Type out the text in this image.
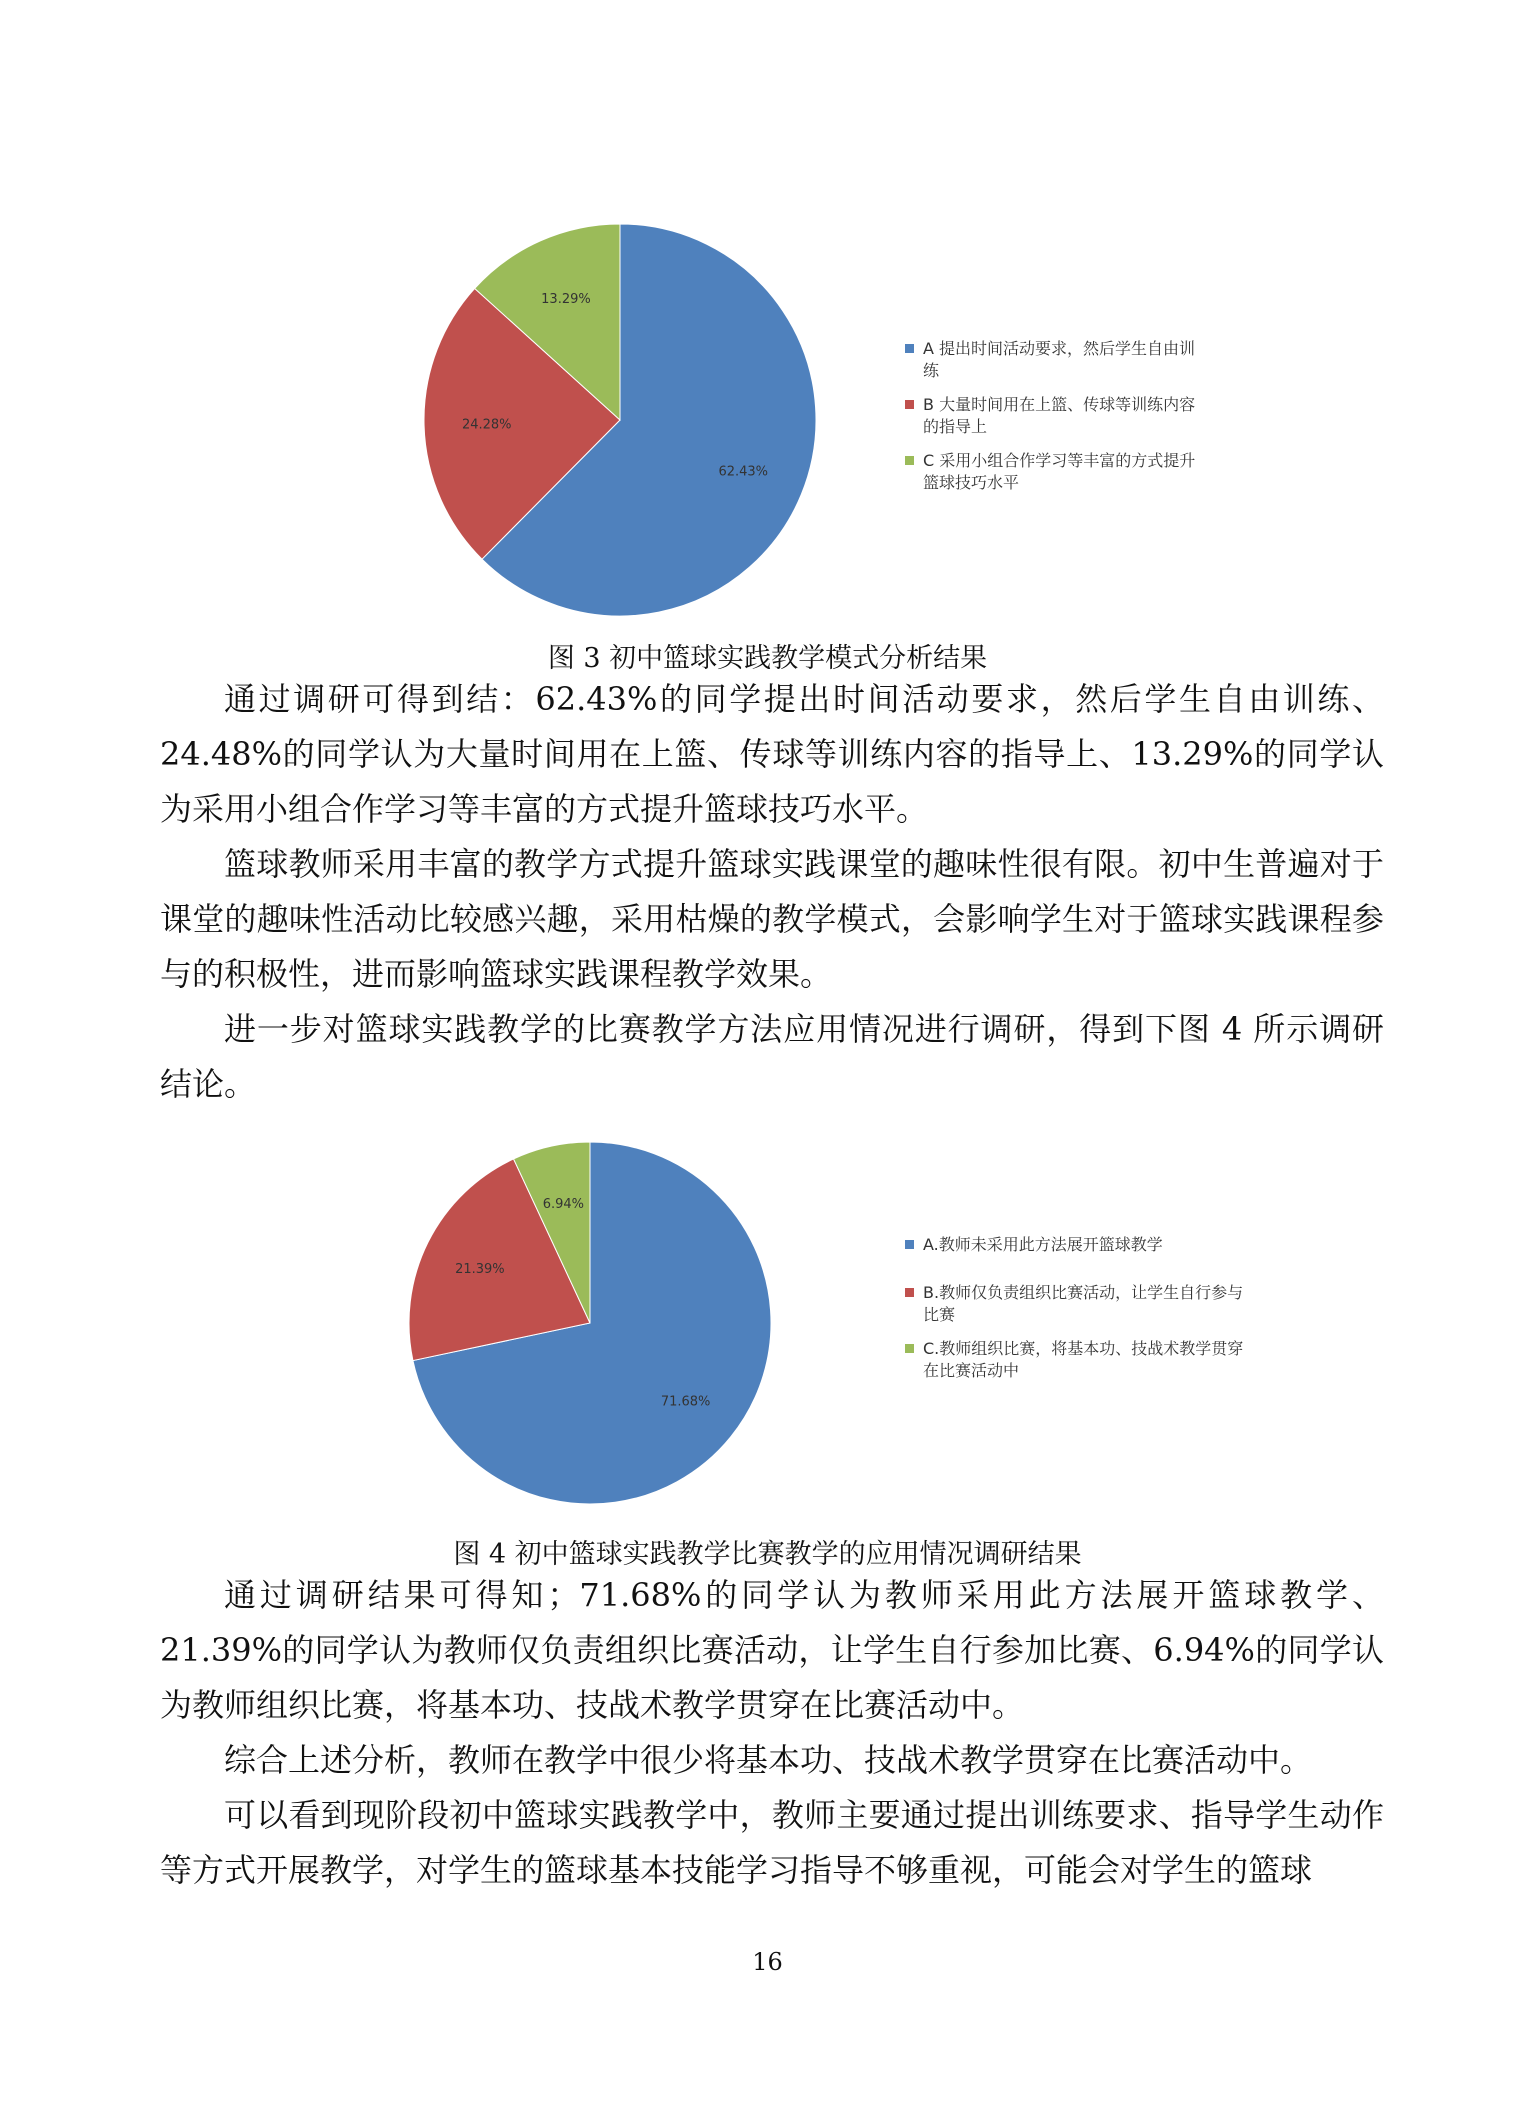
62.43%
24.28%
13.29%
A 提出时间活动要求，然后学生自由训练
B 大量时间用在上篮、传球等训练内容的指导上
C 采用小组合作学习等丰富的方式提升篮球技巧水平
图 3 初中篮球实践教学模式分析结果

通过调研可得到结：62.43%的同学提出时间活动要求，然后学生自由训练、24.48%的同学认为大量时间用在上篮、传球等训练内容的指导上、13.29%的同学认为采用小组合作学习等丰富的方式提升篮球技巧水平。

篮球教师采用丰富的教学方式提升篮球实践课堂的趣味性很有限。初中生普遍对于课堂的趣味性活动比较感兴趣，采用枯燥的教学模式，会影响学生对于篮球实践课程参与的积极性，进而影响篮球实践课程教学效果。

进一步对篮球实践教学的比赛教学方法应用情况进行调研，得到下图 4 所示调研结论。

71.68%
21.39%
6.94%
A.教师未采用此方法展开篮球教学
B.教师仅负责组织比赛活动，让学生自行参与比赛
C.教师组织比赛，将基本功、技战术教学贯穿在比赛活动中
图 4 初中篮球实践教学比赛教学的应用情况调研结果

通过调研结果可得知；71.68%的同学认为教师采用此方法展开篮球教学、21.39%的同学认为教师仅负责组织比赛活动，让学生自行参加比赛、6.94%的同学认为教师组织比赛，将基本功、技战术教学贯穿在比赛活动中。

综合上述分析，教师在教学中很少将基本功、技战术教学贯穿在比赛活动中。

可以看到现阶段初中篮球实践教学中，教师主要通过提出训练要求、指导学生动作等方式开展教学，对学生的篮球基本技能学习指导不够重视，可能会对学生的篮球

16
